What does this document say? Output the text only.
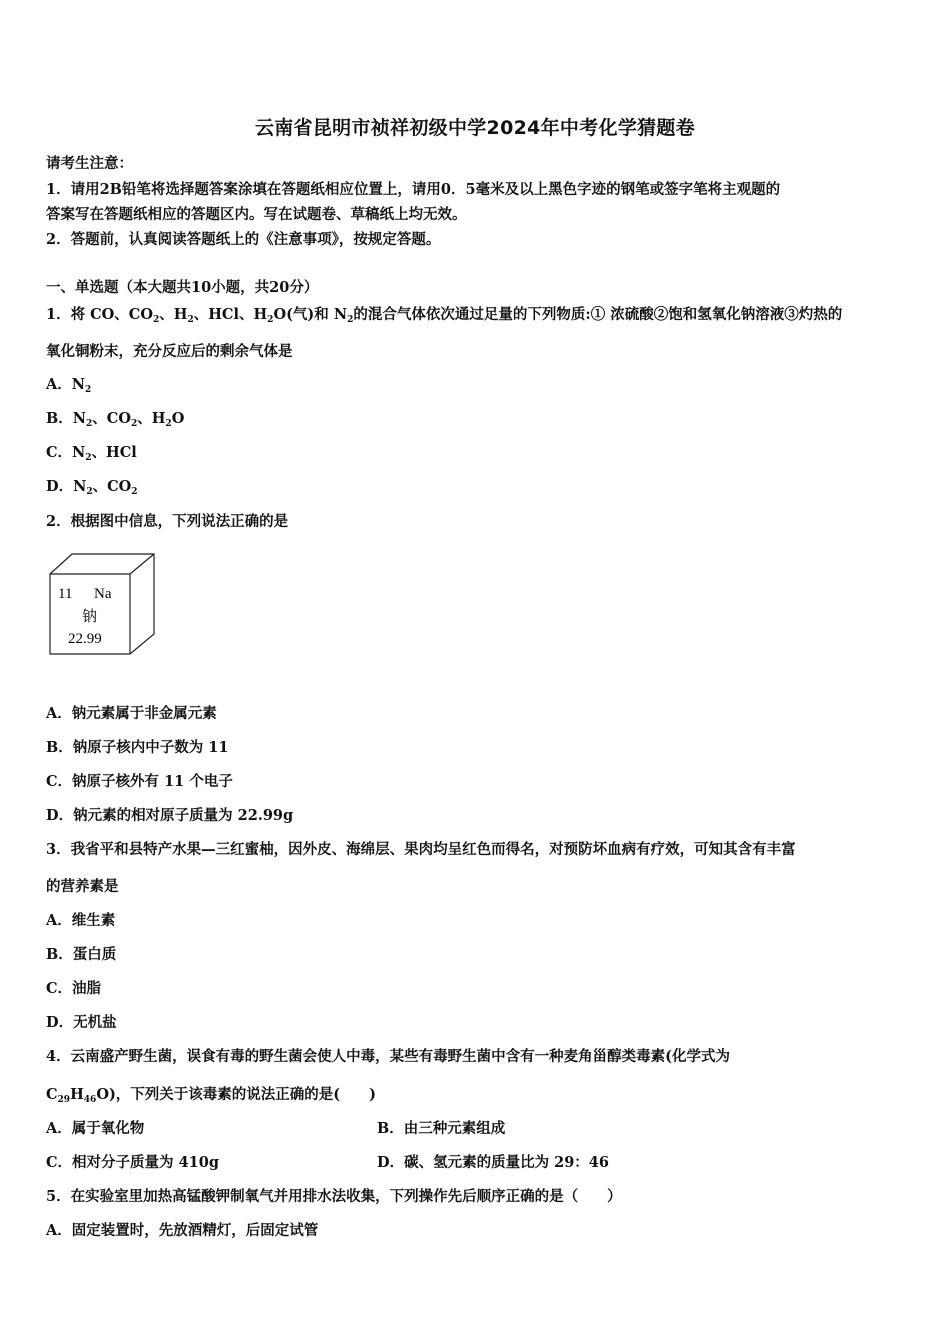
云南省昆明市祯祥初级中学2024年中考化学猜题卷
请考生注意：
1．请用2B铅笔将选择题答案涂填在答题纸相应位置上，请用0．5毫米及以上黑色字迹的钢笔或签字笔将主观题的
答案写在答题纸相应的答题区内。写在试题卷、草稿纸上均无效。
2．答题前，认真阅读答题纸上的《注意事项》，按规定答题。
一、单选题（本大题共10小题，共20分）
1．将 CO、$CO_2$、$H_2$、HCl、$H_2O$(气)和 $N_2$的混合气体依次通过足量的下列物质:① 浓硫酸②饱和氢氧化钠溶液③灼热的
氧化铜粉末，充分反应后的剩余气体是
A．$N_2$
B．$N_2$、$CO_2$、$H_2O$
C．$N_2$、HCl
D．$N_2$、$CO_2$
2．根据图中信息，下列说法正确的是
11 Na
钠
22.99
A．钠元素属于非金属元素
B．钠原子核内中子数为 11
C．钠原子核外有 11 个电子
D．钠元素的相对原子质量为 22.99g
3．我省平和县特产水果—三红蜜柚，因外皮、海绵层、果肉均呈红色而得名，对预防坏血病有疗效，可知其含有丰富
的营养素是
A．维生素
B．蛋白质
C．油脂
D．无机盐
4．云南盛产野生菌，误食有毒的野生菌会使人中毒，某些有毒野生菌中含有一种麦角甾醇类毒素(化学式为
$C_{29}H_{46}O$)，下列关于该毒素的说法正确的是(　　)
A．属于氧化物	B．由三种元素组成
C．相对分子质量为 410g	D．碳、氢元素的质量比为 29：46
5．在实验室里加热高锰酸钾制氧气并用排水法收集，下列操作先后顺序正确的是（　　）
A．固定装置时，先放酒精灯，后固定试管
